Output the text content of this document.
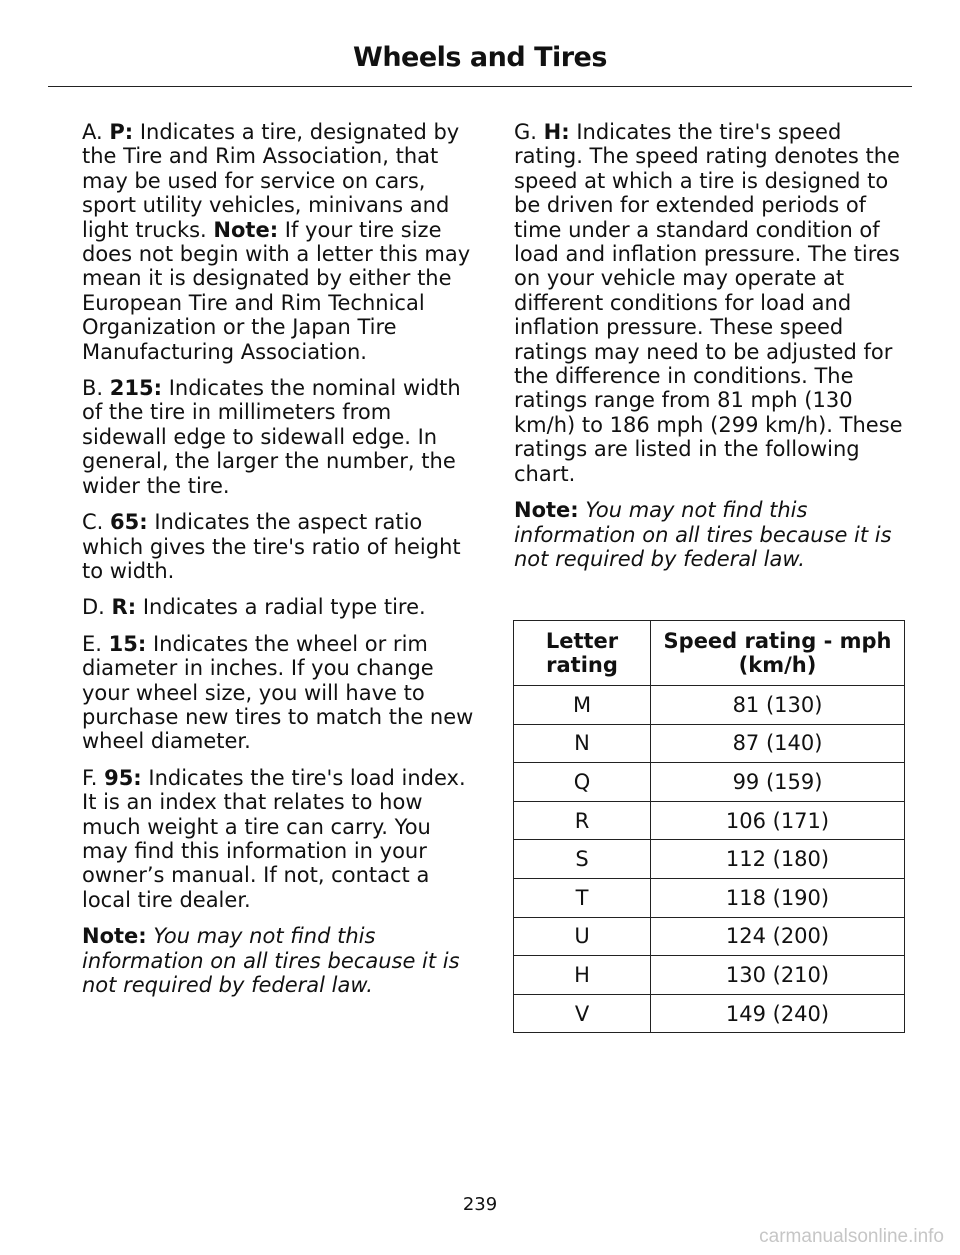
Wheels and Tires

A. P: Indicates a tire, designated by the Tire and Rim Association, that may be used for service on cars, sport utility vehicles, minivans and light trucks. Note: If your tire size does not begin with a letter this may mean it is designated by either the European Tire and Rim Technical Organization or the Japan Tire Manufacturing Association.

B. 215: Indicates the nominal width of the tire in millimeters from sidewall edge to sidewall edge. In general, the larger the number, the wider the tire.

C. 65: Indicates the aspect ratio which gives the tire's ratio of height to width.

D. R: Indicates a radial type tire.

E. 15: Indicates the wheel or rim diameter in inches. If you change your wheel size, you will have to purchase new tires to match the new wheel diameter.

F. 95: Indicates the tire's load index. It is an index that relates to how much weight a tire can carry. You may find this information in your owner’s manual. If not, contact a local tire dealer.

Note: You may not find this information on all tires because it is not required by federal law.

G. H: Indicates the tire's speed rating. The speed rating denotes the speed at which a tire is designed to be driven for extended periods of time under a standard condition of load and inflation pressure. The tires on your vehicle may operate at different conditions for load and inflation pressure. These speed ratings may need to be adjusted for the difference in conditions. The ratings range from 81 mph (130 km/h) to 186 mph (299 km/h). These ratings are listed in the following chart.

Note: You may not find this information on all tires because it is not required by federal law.

Letter rating	Speed rating - mph (km/h)
M	81 (130)
N	87 (140)
Q	99 (159)
R	106 (171)
S	112 (180)
T	118 (190)
U	124 (200)
H	130 (210)
V	149 (240)
239
carmanualsonline.info
